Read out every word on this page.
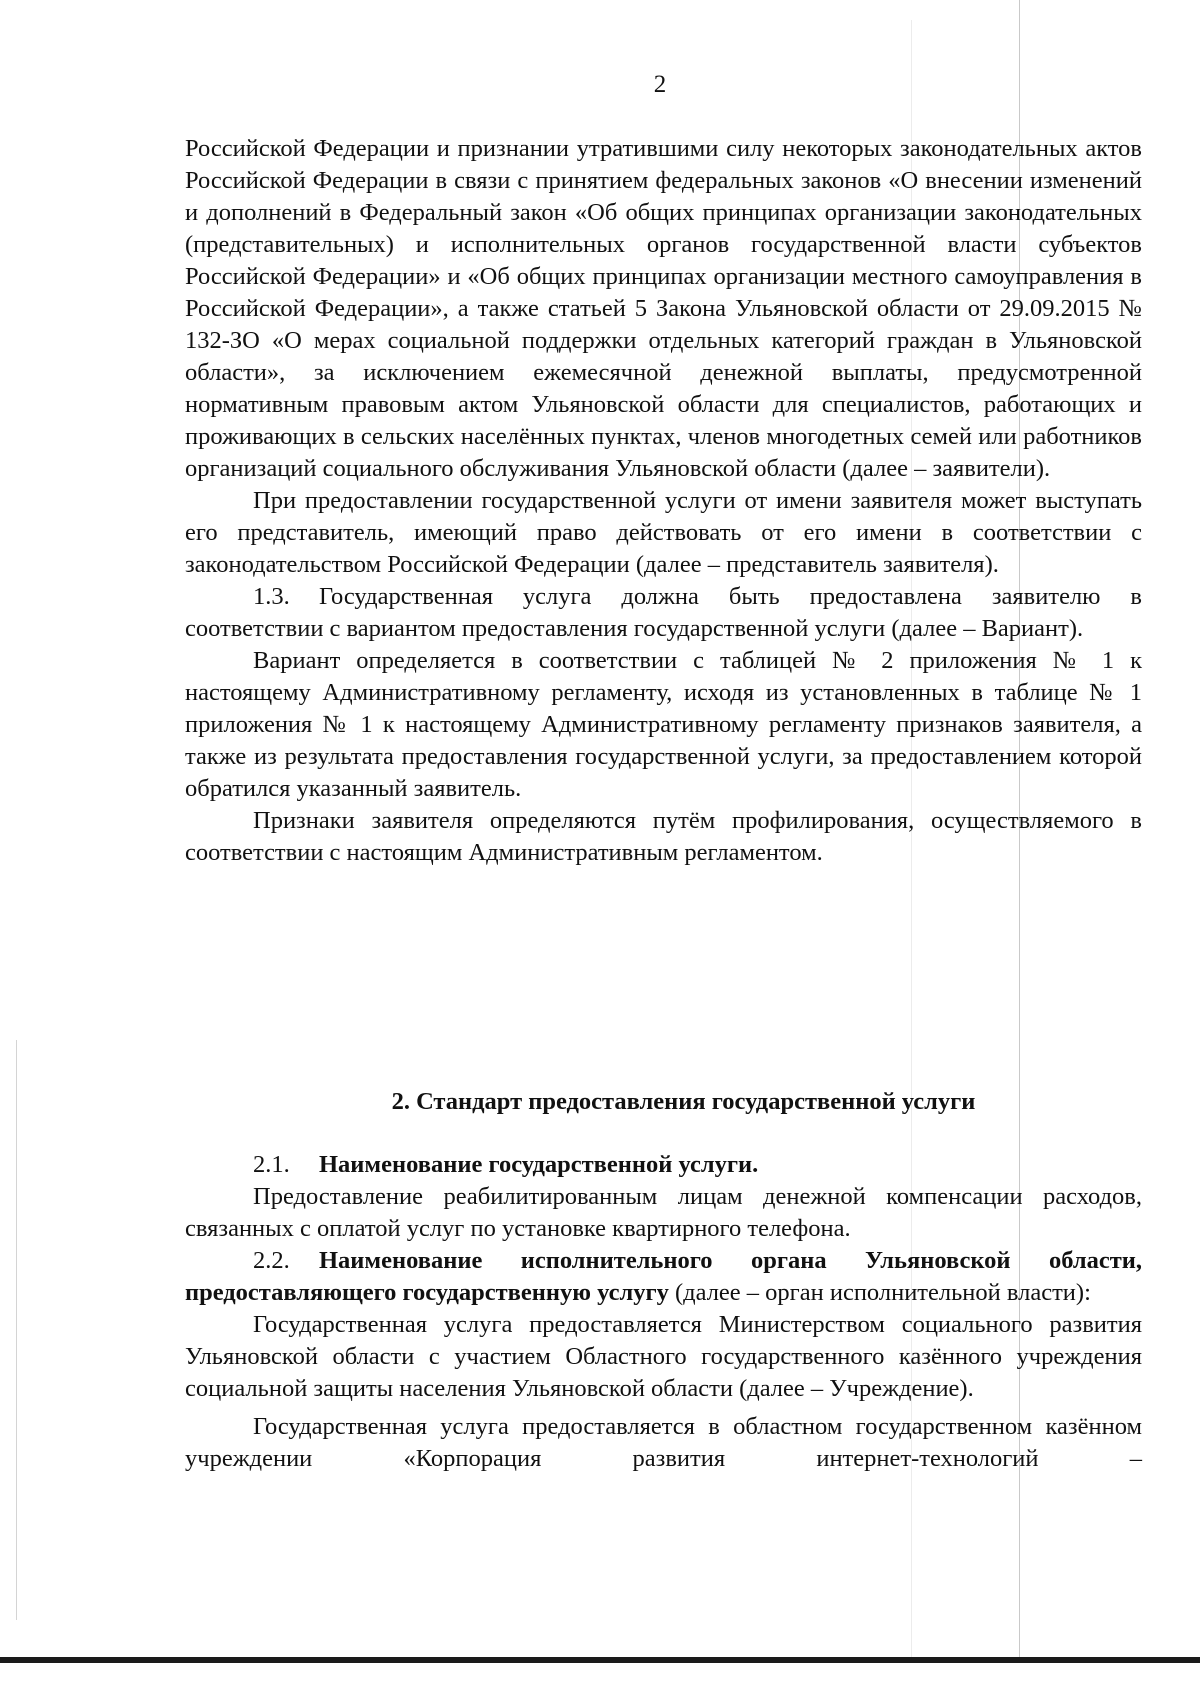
2

Российской Федерации и признании утратившими силу некоторых законодательных актов Российской Федерации в связи с принятием федеральных законов «О внесении изменений и дополнений в Федеральный закон «Об общих принципах организации законодательных (представительных) и исполнительных органов государственной власти субъектов Российской Федерации» и «Об общих принципах организации местного самоуправления в Российской Федерации», а также статьей 5 Закона Ульяновской области от 29.09.2015 № 132-ЗО «О мерах социальной поддержки отдельных категорий граждан в Ульяновской области», за исключением ежемесячной денежной выплаты, предусмотренной нормативным правовым актом Ульяновской области для специалистов, работающих и проживающих в сельских населённых пунктах, членов многодетных семей или работников организаций социального обслуживания Ульяновской области (далее – заявители).

При предоставлении государственной услуги от имени заявителя может выступать его представитель, имеющий право действовать от его имени в соответствии с законодательством Российской Федерации (далее – представитель заявителя).

1.3. Государственная услуга должна быть предоставлена заявителю в соответствии с вариантом предоставления государственной услуги (далее – Вариант).

Вариант определяется в соответствии с таблицей № 2 приложения № 1 к настоящему Административному регламенту, исходя из установленных в таблице № 1 приложения № 1 к настоящему Административному регламенту признаков заявителя, а также из результата предоставления государственной услуги, за предоставлением которой обратился указанный заявитель.

Признаки заявителя определяются путём профилирования, осуществляемого в соответствии с настоящим Административным регламентом.

2. Стандарт предоставления государственной услуги

2.1. Наименование государственной услуги.

Предоставление реабилитированным лицам денежной компенсации расходов, связанных с оплатой услуг по установке квартирного телефона.

2.2. Наименование исполнительного органа Ульяновской области, предоставляющего государственную услугу (далее – орган исполнительной власти):

Государственная услуга предоставляется Министерством социального развития Ульяновской области с участием Областного государственного казённого учреждения социальной защиты населения Ульяновской области (далее – Учреждение).

Государственная услуга предоставляется в областном государственном казённом учреждении «Корпорация развития интернет-технологий –
